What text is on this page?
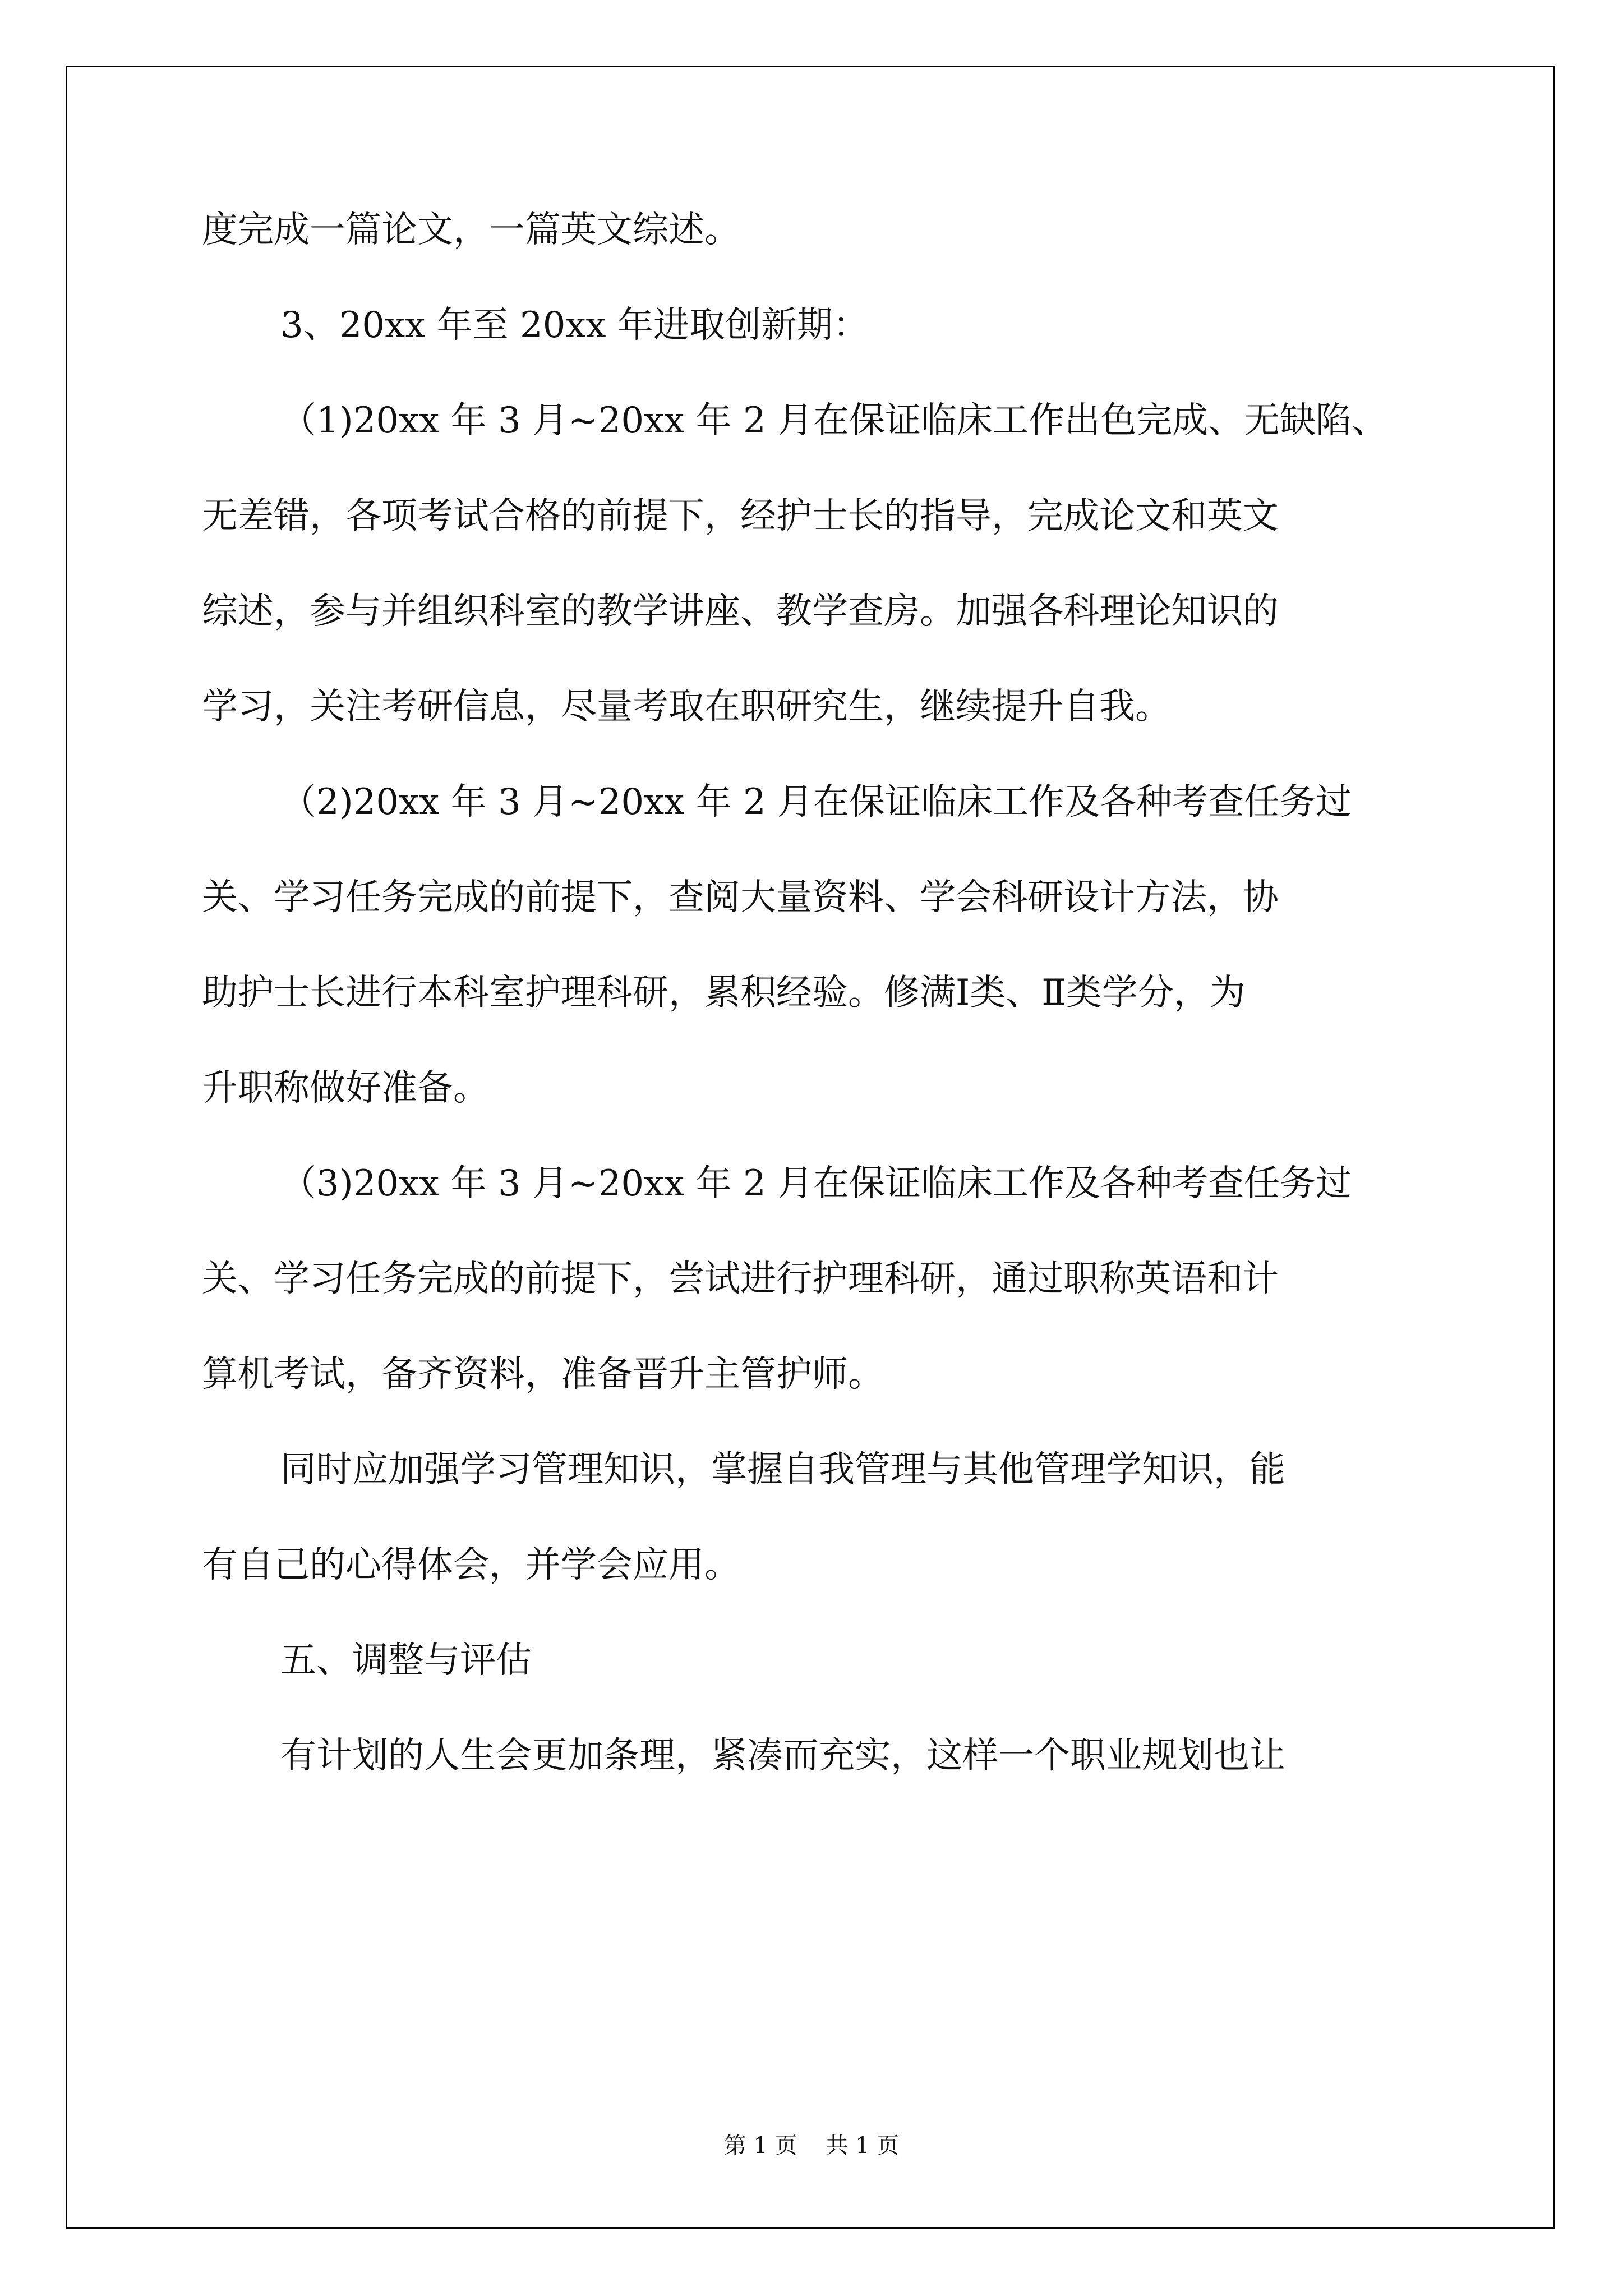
度完成一篇论文，一篇英文综述。
3、20xx 年至 20xx 年进取创新期：
（1)20xx 年 3 月~20xx 年 2 月在保证临床工作出色完成、无缺陷、
无差错，各项考试合格的前提下，经护士长的指导，完成论文和英文
综述，参与并组织科室的教学讲座、教学查房。加强各科理论知识的
学习，关注考研信息，尽量考取在职研究生，继续提升自我。
（2)20xx 年 3 月~20xx 年 2 月在保证临床工作及各种考查任务过
关、学习任务完成的前提下，查阅大量资料、学会科研设计方法，协
助护士长进行本科室护理科研，累积经验。修满Ⅰ类、Ⅱ类学分，为
升职称做好准备。
（3)20xx 年 3 月~20xx 年 2 月在保证临床工作及各种考查任务过
关、学习任务完成的前提下，尝试进行护理科研，通过职称英语和计
算机考试，备齐资料，准备晋升主管护师。
同时应加强学习管理知识，掌握自我管理与其他管理学知识，能
有自己的心得体会，并学会应用。
五、调整与评估
有计划的人生会更加条理，紧凑而充实，这样一个职业规划也让
第 1 页    共 1 页
